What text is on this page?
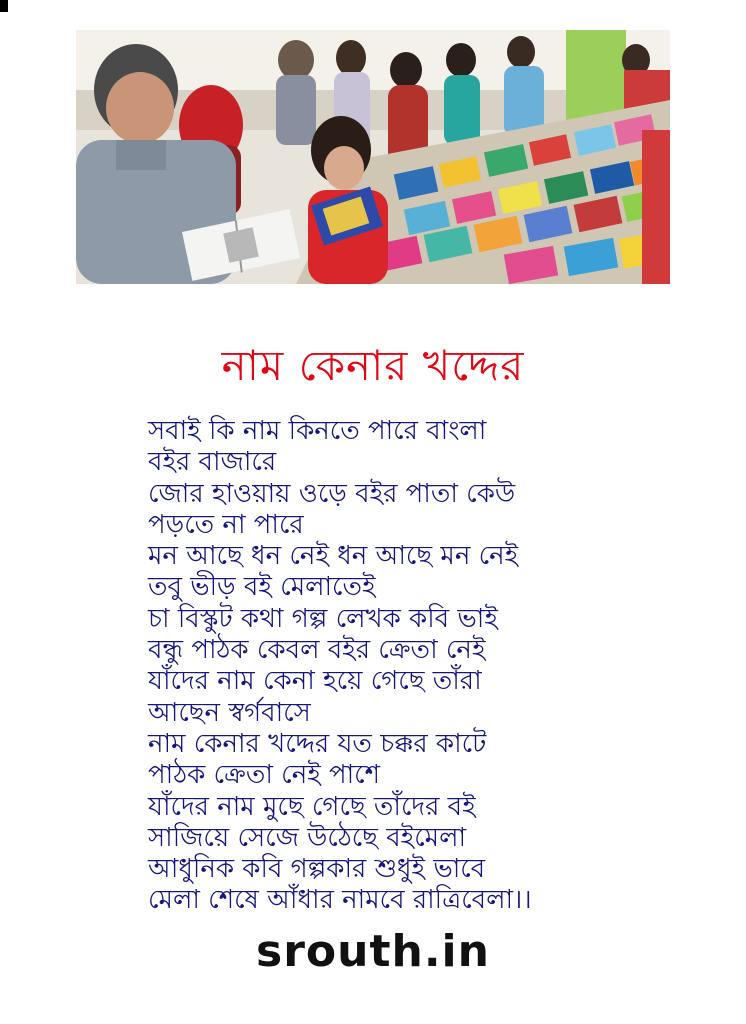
নাম কেনার খদ্দের
সবাই কি নাম কিনতে পারে বাংলা
বইর বাজারে
জোর হাওয়ায় ওড়ে বইর পাতা কেউ
পড়তে না পারে
মন আছে ধন নেই ধন আছে মন নেই
তবু ভীড় বই মেলাতেই
চা বিস্কুট কথা গল্প লেখক কবি ভাই
বন্ধু পাঠক কেবল বইর ক্রেতা নেই
যাঁদের নাম কেনা হয়ে গেছে তাঁরা
আছেন স্বর্গবাসে
নাম কেনার খদ্দের যত চক্কর কাটে
পাঠক ক্রেতা নেই পাশে
যাঁদের নাম মুছে গেছে তাঁদের বই
সাজিয়ে সেজে উঠেছে বইমেলা
আধুনিক কবি গল্পকার শুধুই ভাবে
মেলা শেষে আঁধার নামবে রাত্রিবেলা।।
srouth.in
